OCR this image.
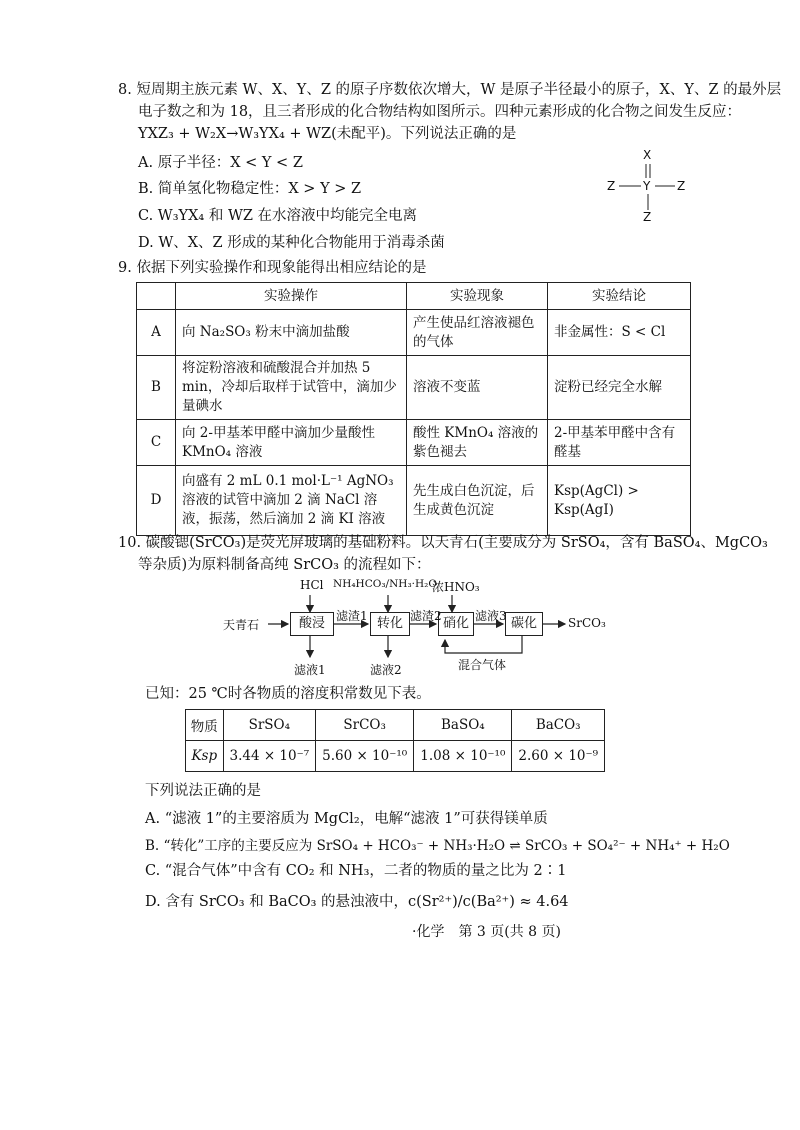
8. 短周期主族元素 W、X、Y、Z 的原子序数依次增大，W 是原子半径最小的原子，X、Y、Z 的最外层
电子数之和为 18，且三者形成的化合物结构如图所示。四种元素形成的化合物之间发生反应：
YXZ₃ + W₂X→W₃YX₄ + WZ(未配平)。下列说法正确的是
A. 原子半径：X < Y < Z
B. 简单氢化物稳定性：X > Y > Z
C. W₃YX₄ 和 WZ 在水溶液中均能完全电离
D. W、X、Z 形成的某种化合物能用于消毒杀菌
X
Y
Z	Z
Z
9. 依据下列实验操作和现象能得出相应结论的是
	实验操作	实验现象	实验结论
A	向 Na₂SO₃ 粉末中滴加盐酸	产生使品红溶液褪色的气体	非金属性：S < Cl
B	将淀粉溶液和硫酸混合并加热 5 min，冷却后取样于试管中，滴加少量碘水	溶液不变蓝	淀粉已经完全水解
C	向 2-甲基苯甲醛中滴加少量酸性 KMnO₄ 溶液	酸性 KMnO₄ 溶液的紫色褪去	2-甲基苯甲醛中含有醛基
D	向盛有 2 mL 0.1 mol·L⁻¹ AgNO₃ 溶液的试管中滴加 2 滴 NaCl 溶液，振荡，然后滴加 2 滴 KI 溶液	先生成白色沉淀，后生成黄色沉淀	Ksp(AgCl) > Ksp(AgI)
10. 碳酸锶(SrCO₃)是荧光屏玻璃的基础粉料。以天青石(主要成分为 SrSO₄，含有 BaSO₄、MgCO₃
等杂质)为原料制备高纯 SrCO₃ 的流程如下：
天青石	酸浸	转化	硝化	碳化	SrCO₃
HCl NH₄HCO₃/NH₃·H₂O
浓HNO₃
滤渣1	滤渣2	滤液3
滤液1	滤液2	混合气体
已知：25 ℃时各物质的溶度积常数见下表。
物质	SrSO₄	SrCO₃	BaSO₄	BaCO₃
Ksp	3.44 × 10⁻⁷	5.60 × 10⁻¹⁰	1.08 × 10⁻¹⁰	2.60 × 10⁻⁹
下列说法正确的是
A. “滤液 1”的主要溶质为 MgCl₂，电解“滤液 1”可获得镁单质
B. “转化”工序的主要反应为 SrSO₄ + HCO₃⁻ + NH₃·H₂O ⇌ SrCO₃ + SO₄²⁻ + NH₄⁺ + H₂O
C. “混合气体”中含有 CO₂ 和 NH₃，二者的物质的量之比为 2∶1
D. 含有 SrCO₃ 和 BaCO₃ 的悬浊液中，c(Sr²⁺)/c(Ba²⁺) ≈ 4.64
·化学　第 3 页(共 8 页)
